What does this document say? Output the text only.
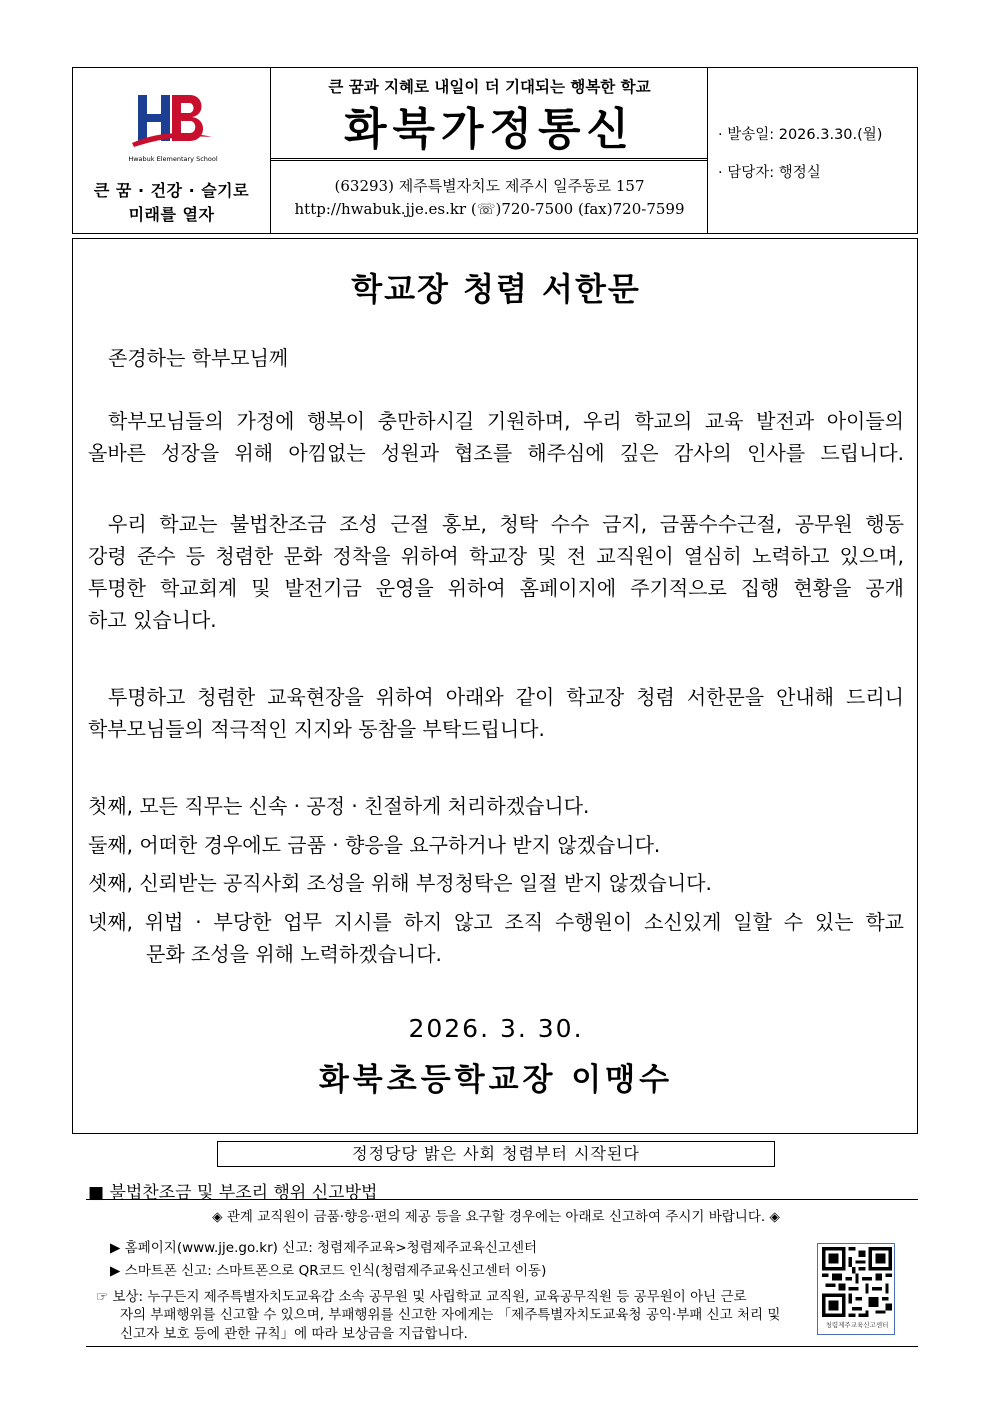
Hwabuk Elementary School
큰 꿈 · 건강 · 슬기로
미래를 열자
큰 꿈과 지혜로 내일이 더 기대되는 행복한 학교
화북가정통신
(63293) 제주특별자치도 제주시 일주동로 157
http://hwabuk.jje.es.kr (☏)720-7500 (fax)720-7599
· 발송일: 2026.3.30.(월)
· 담당자: 행정실
학교장 청렴 서한문
존경하는 학부모님께
학부모님들의 가정에 행복이 충만하시길 기원하며, 우리 학교의 교육 발전과 아이들의
올바른 성장을 위해 아낌없는 성원과 협조를 해주심에 깊은 감사의 인사를 드립니다.
우리 학교는 불법찬조금 조성 근절 홍보, 청탁 수수 금지, 금품수수근절, 공무원 행동
강령 준수 등 청렴한 문화 정착을 위하여 학교장 및 전 교직원이 열심히 노력하고 있으며,
투명한 학교회계 및 발전기금 운영을 위하여 홈페이지에 주기적으로 집행 현황을 공개
하고 있습니다.
투명하고 청렴한 교육현장을 위하여 아래와 같이 학교장 청렴 서한문을 안내해 드리니
학부모님들의 적극적인 지지와 동참을 부탁드립니다.
첫째, 모든 직무는 신속 · 공정 · 친절하게 처리하겠습니다.
둘째, 어떠한 경우에도 금품 · 향응을 요구하거나 받지 않겠습니다.
셋째, 신뢰받는 공직사회 조성을 위해 부정청탁은 일절 받지 않겠습니다.
넷째, 위법 · 부당한 업무 지시를 하지 않고 조직 수행원이 소신있게 일할 수 있는 학교
문화 조성을 위해 노력하겠습니다.
2026. 3. 30.
화북초등학교장 이맹수
정정당당 밝은 사회 청렴부터 시작된다
■ 불법찬조금 및 부조리 행위 신고방법
◈ 관계 교직원이 금품·향응·편의 제공 등을 요구할 경우에는 아래로 신고하여 주시기 바랍니다. ◈
▶ 홈페이지(www.jje.go.kr) 신고: 청렴제주교육>청렴제주교육신고센터
▶ 스마트폰 신고: 스마트폰으로 QR코드 인식(청렴제주교육신고센터 이동)
☞ 보상: 누구든지 제주특별자치도교육감 소속 공무원 및 사립학교 교직원, 교육공무직원 등 공무원이 아닌 근로
자의 부패행위를 신고할 수 있으며, 부패행위를 신고한 자에게는 「제주특별자치도교육청 공익·부패 신고 처리 및
신고자 보호 등에 관한 규칙」에 따라 보상금을 지급합니다.
청렴제주교육신고센터
